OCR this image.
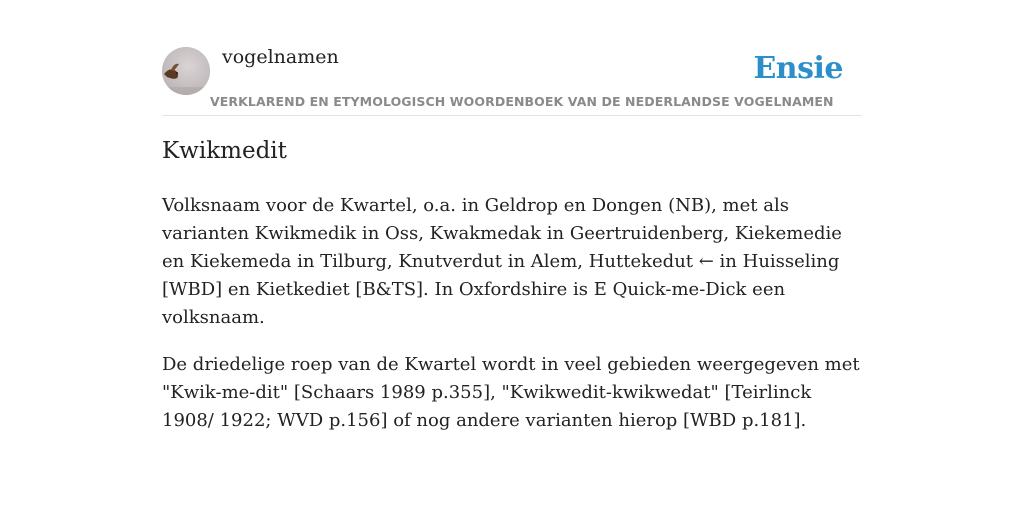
vogelnamen	Ensie
VERKLAREND EN ETYMOLOGISCH WOORDENBOEK VAN DE NEDERLANDSE VOGELNAMEN
Kwikmedit

Volksnaam voor de Kwartel, o.a. in Geldrop en Dongen (NB), met als varianten Kwikmedik in Oss, Kwakmedak in Geertruidenberg, Kiekemedie en Kiekemeda in Tilburg, Knutverdut in Alem, Huttekedut ← in Huisseling [WBD] en Kietkediet [B&TS]. In Oxfordshire is E Quick-me-Dick een volksnaam.

De driedelige roep van de Kwartel wordt in veel gebieden weergegeven met "Kwik-me-dit" [Schaars 1989 p.355], "Kwikwedit-kwikwedat" [Teirlinck 1908/ 1922; WVD p.156] of nog andere varianten hierop [WBD p.181].
